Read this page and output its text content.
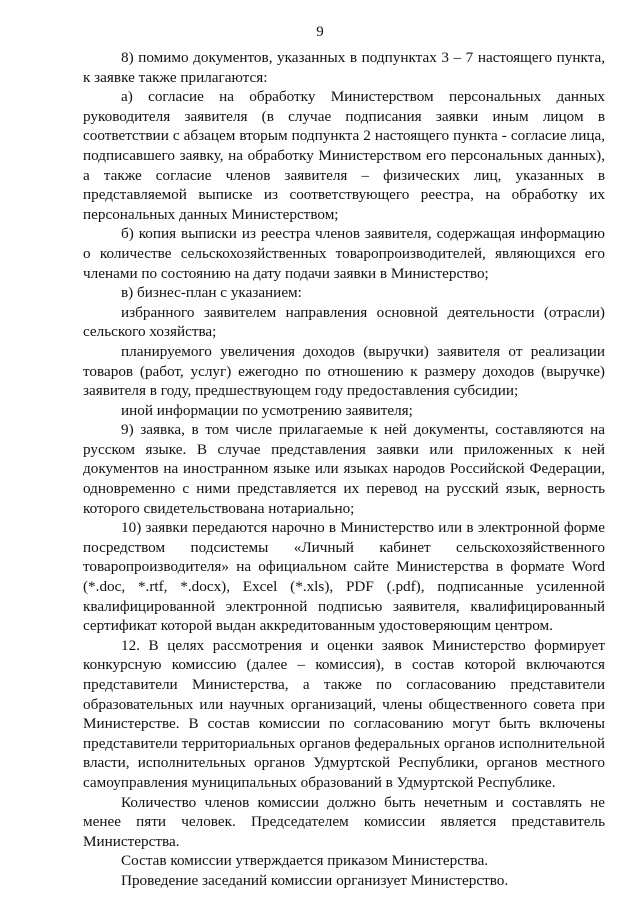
9

8) помимо документов, указанных в подпунктах 3 – 7 настоящего пункта, к заявке также прилагаются:

а) согласие на обработку Министерством персональных данных руководителя заявителя (в случае подписания заявки иным лицом в соответствии с абзацем вторым подпункта 2 настоящего пункта - согласие лица, подписавшего заявку, на обработку Министерством его персональных данных), а также согласие членов заявителя – физических лиц, указанных в представляемой выписке из соответствующего реестра, на обработку их персональных данных Министерством;

б) копия выписки из реестра членов заявителя, содержащая информацию о количестве сельскохозяйственных товаропроизводителей, являющихся его членами по состоянию на дату подачи заявки в Министерство;

в) бизнес-план с указанием:

избранного заявителем направления основной деятельности (отрасли) сельского хозяйства;

планируемого увеличения доходов (выручки) заявителя от реализации товаров (работ, услуг) ежегодно по отношению к размеру доходов (выручке) заявителя в году, предшествующем году предоставления субсидии;

иной информации по усмотрению заявителя;

9) заявка, в том числе прилагаемые к ней документы, составляются на русском языке. В случае представления заявки или приложенных к ней документов на иностранном языке или языках народов Российской Федерации, одновременно с ними представляется их перевод на русский язык, верность которого свидетельствована нотариально;

10) заявки передаются нарочно в Министерство или в электронной форме посредством подсистемы «Личный кабинет сельскохозяйственного товаропроизводителя» на официальном сайте Министерства в формате Word (*.doc, *.rtf, *.docx), Excel (*.xls), PDF (.pdf), подписанные усиленной квалифицированной электронной подписью заявителя, квалифицированный сертификат которой выдан аккредитованным удостоверяющим центром.

12. В целях рассмотрения и оценки заявок Министерство формирует конкурсную комиссию (далее – комиссия), в состав которой включаются представители Министерства, а также по согласованию представители образовательных или научных организаций, члены общественного совета при Министерстве. В состав комиссии по согласованию могут быть включены представители территориальных органов федеральных органов исполнительной власти, исполнительных органов Удмуртской Республики, органов местного самоуправления муниципальных образований в Удмуртской Республике.

Количество членов комиссии должно быть нечетным и составлять не менее пяти человек. Председателем комиссии является представитель Министерства.

Состав комиссии утверждается приказом Министерства.

Проведение заседаний комиссии организует Министерство.
